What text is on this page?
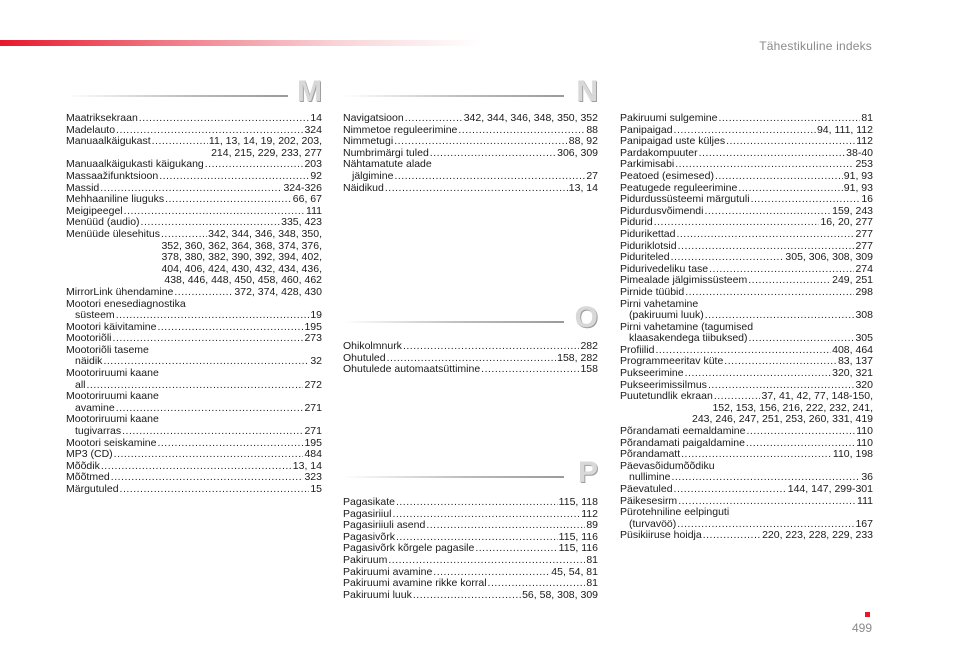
Tähestikuline indeks
M	N
O
P
Maatriksekraan .....	14
Madelauto .....	324
Manuaalkäigukast .....	11, 13, 14, 19, 202, 203,
214, 215, 229, 233, 277
Manuaalkäigukasti käigukang .....	203
Massaažifunktsioon .....	92
Massid .....	324-326
Mehhaaniline liuguks .....	66, 67
Meigipeegel .....	111
Menüüd (audio) .....	335, 423
Menüüde ülesehitus .....	342, 344, 346, 348, 350,
352, 360, 362, 364, 368, 374, 376,
378, 380, 382, 390, 392, 394, 402,
404, 406, 424, 430, 432, 434, 436,
438, 446, 448, 450, 458, 460, 462
MirrorLink ühendamine .....	372, 374, 428, 430
Mootori enesediagnostika
süsteem .....	19
Mootori käivitamine .....	195
Mootoriõli .....	273
Mootoriõli taseme
näidik .....	32
Mootoriruumi kaane
all .....	272
Mootoriruumi kaane
avamine .....	271
Mootoriruumi kaane
tugivarras .....	271
Mootori seiskamine .....	195
MP3 (CD) .....	484
Mõõdik .....	13, 14
Mõõtmed .....	323
Märgutuled .....	15
Navigatsioon .....	342, 344, 346, 348, 350, 352
Nimmetoe reguleerimine .....	88
Nimmetugi .....	88, 92
Numbrimärgi tuled .....	306, 309
Nähtamatute alade
jälgimine .....	27
Näidikud .....	13, 14
Ohikolmnurk .....	282
Ohutuled .....	158, 282
Ohutulede automaatsüttimine .....	158
Pagasikate .....	115, 118
Pagasiriiul .....	112
Pagasiriiuli asend .....	89
Pagasivõrk .....	115, 116
Pagasivõrk kõrgele pagasile .....	115, 116
Pakiruum .....	81
Pakiruumi avamine .....	45, 54, 81
Pakiruumi avamine rikke korral .....	81
Pakiruumi luuk .....	56, 58, 308, 309
Pakiruumi sulgemine .....	81
Panipaigad .....	94, 111, 112
Panipaigad uste küljes .....	112
Pardakompuuter .....	38-40
Parkimisabi .....	253
Peatoed (esimesed) .....	91, 93
Peatugede reguleerimine .....	91, 93
Pidurdussüsteemi märgutuli .....	16
Pidurdusvõimendi .....	159, 243
Pidurid .....	16, 20, 277
Pidurikettad .....	277
Piduriklotsid .....	277
Piduriteled .....	305, 306, 308, 309
Pidurivedeliku tase .....	274
Pimealade jälgimissüsteem .....	249, 251
Pirnide tüübid .....	298
Pirni vahetamine
(pakiruumi luuk) .....	308
Pirni vahetamine (tagumised
klaasakendega tiibuksed) .....	305
Profiilid .....	408, 464
Programmeeritav küte .....	83, 137
Pukseerimine .....	320, 321
Pukseerimissilmus .....	320
Puutetundlik ekraan .....	37, 41, 42, 77, 148-150,
152, 153, 156, 216, 222, 232, 241,
243, 246, 247, 251, 253, 260, 331, 419
Põrandamati eemaldamine .....	110
Põrandamati paigaldamine .....	110
Põrandamatt .....	110, 198
Päevasõidumõõdiku
nullimine .....	36
Päevatuled .....	144, 147, 299-301
Päikesesirm .....	111
Pürotehniline eelpinguti
(turvavöö) .....	167
Püsikiiruse hoidja .....	220, 223, 228, 229, 233
499
